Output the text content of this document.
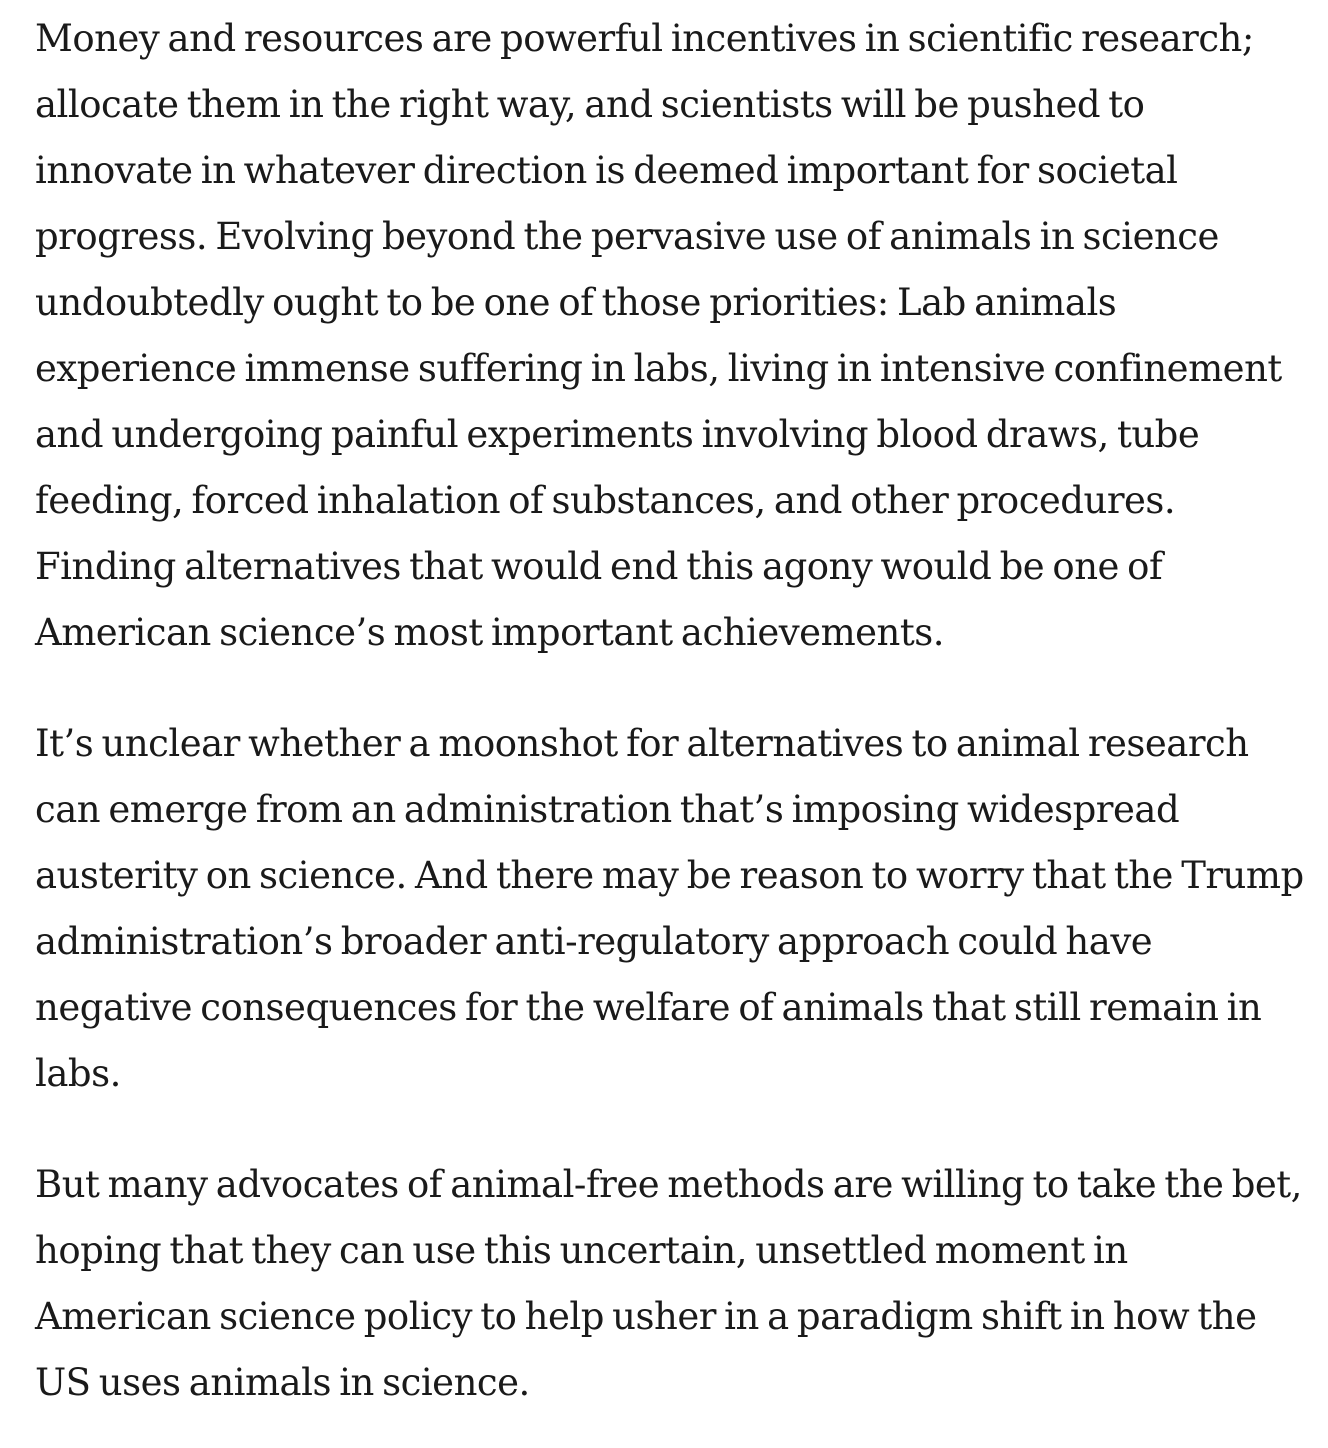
Money and resources are powerful incentives in scientific research; allocate them in the right way, and scientists will be pushed to innovate in whatever direction is deemed important for societal progress. Evolving beyond the pervasive use of animals in science undoubtedly ought to be one of those priorities: Lab animals experience immense suffering in labs, living in intensive confinement and undergoing painful experiments involving blood draws, tube feeding, forced inhalation of substances, and other procedures. Finding alternatives that would end this agony would be one of American science’s most important achievements.

It’s unclear whether a moonshot for alternatives to animal research can emerge from an administration that’s imposing widespread austerity on science. And there may be reason to worry that the Trump administration’s broader anti-regulatory approach could have negative consequences for the welfare of animals that still remain in labs.

But many advocates of animal-free methods are willing to take the bet, hoping that they can use this uncertain, unsettled moment in American science policy to help usher in a paradigm shift in how the US uses animals in science.
